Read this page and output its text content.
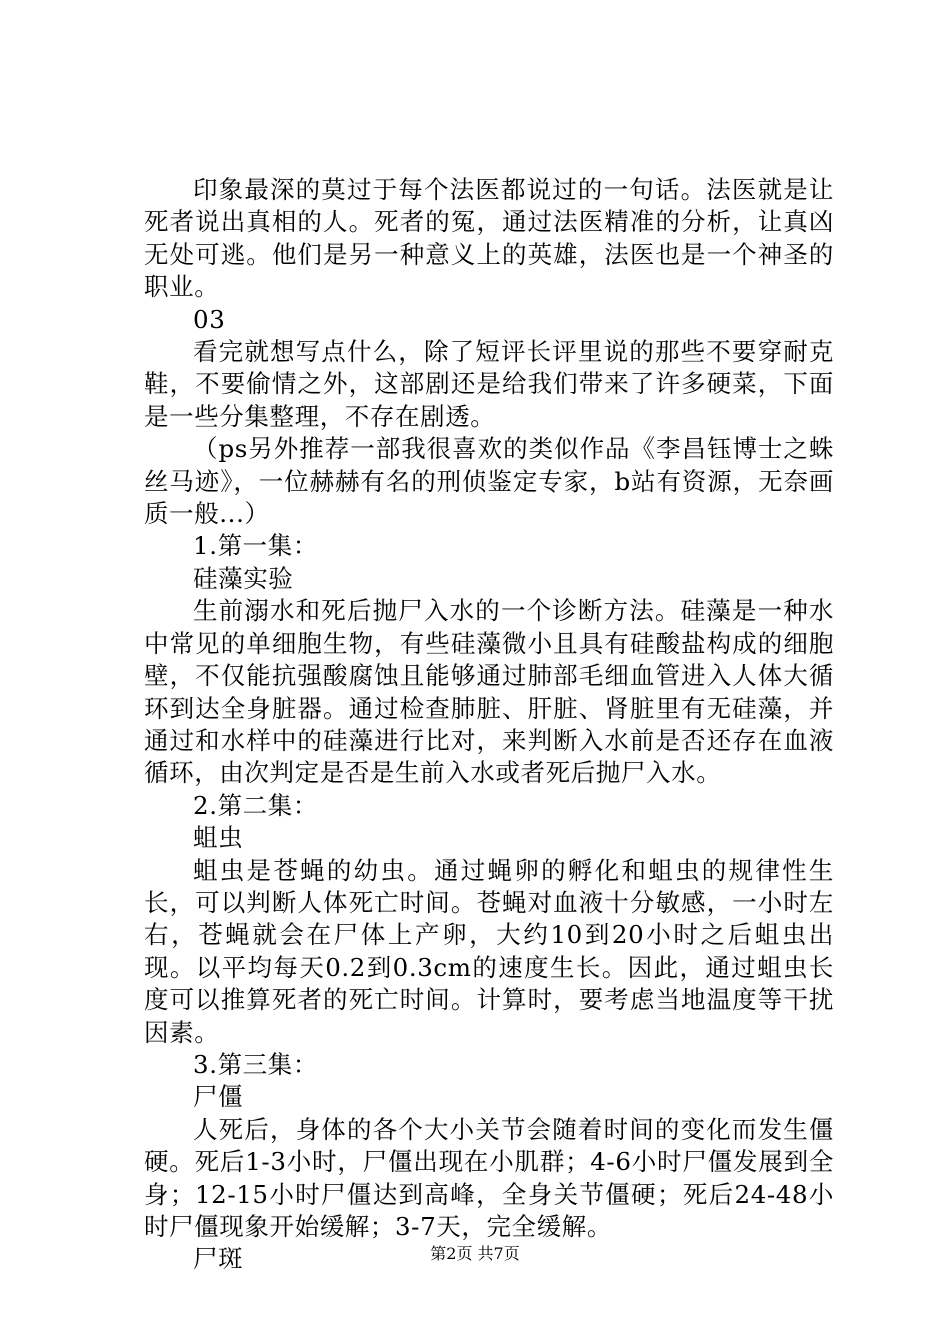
印象最深的莫过于每个法医都说过的一句话。法医就是让死者说出真相的人。死者的冤，通过法医精准的分析，让真凶无处可逃。他们是另一种意义上的英雄，法医也是一个神圣的职业。

03

看完就想写点什么，除了短评长评里说的那些不要穿耐克鞋，不要偷情之外，这部剧还是给我们带来了许多硬菜，下面是一些分集整理，不存在剧透。

（ps另外推荐一部我很喜欢的类似作品《李昌钰博士之蛛丝马迹》，一位赫赫有名的刑侦鉴定专家，b站有资源，无奈画质一般...）

1.第一集：

硅藻实验

生前溺水和死后抛尸入水的一个诊断方法。硅藻是一种水中常见的单细胞生物，有些硅藻微小且具有硅酸盐构成的细胞壁，不仅能抗强酸腐蚀且能够通过肺部毛细血管进入人体大循环到达全身脏器。通过检查肺脏、肝脏、肾脏里有无硅藻，并通过和水样中的硅藻进行比对，来判断入水前是否还存在血液循环，由次判定是否是生前入水或者死后抛尸入水。

2.第二集：

蛆虫

蛆虫是苍蝇的幼虫。通过蝇卵的孵化和蛆虫的规律性生长，可以判断人体死亡时间。苍蝇对血液十分敏感，一小时左右，苍蝇就会在尸体上产卵，大约10到20小时之后蛆虫出现。以平均每天0.2到0.3cm的速度生长。因此，通过蛆虫长度可以推算死者的死亡时间。计算时，要考虑当地温度等干扰因素。

3.第三集：

尸僵

人死后，身体的各个大小关节会随着时间的变化而发生僵硬。死后1-3小时，尸僵出现在小肌群；4-6小时尸僵发展到全身；12-15小时尸僵达到高峰，全身关节僵硬；死后24-48小时尸僵现象开始缓解；3-7天，完全缓解。

尸斑	第2页 共7页
